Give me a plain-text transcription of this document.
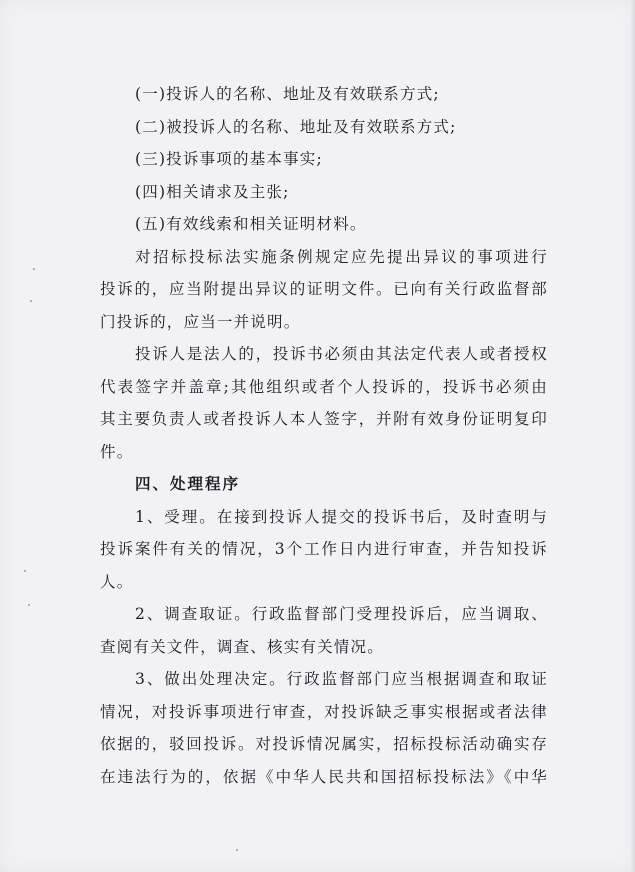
(一)投诉人的名称、地址及有效联系方式;
(二)被投诉人的名称、地址及有效联系方式;
(三)投诉事项的基本事实;
(四)相关请求及主张;
(五)有效线索和相关证明材料。
对招标投标法实施条例规定应先提出异议的事项进行
投诉的，应当附提出异议的证明文件。已向有关行政监督部
门投诉的，应当一并说明。
投诉人是法人的，投诉书必须由其法定代表人或者授权
代表签字并盖章;其他组织或者个人投诉的，投诉书必须由
其主要负责人或者投诉人本人签字，并附有效身份证明复印
件。
四、处理程序
1、受理。在接到投诉人提交的投诉书后，及时查明与
投诉案件有关的情况，3个工作日内进行审查，并告知投诉
人。
2、调查取证。行政监督部门受理投诉后，应当调取、
查阅有关文件，调查、核实有关情况。
3、做出处理决定。行政监督部门应当根据调查和取证
情况，对投诉事项进行审查，对投诉缺乏事实根据或者法律
依据的，驳回投诉。对投诉情况属实，招标投标活动确实存
在违法行为的，依据《中华人民共和国招标投标法》《中华
